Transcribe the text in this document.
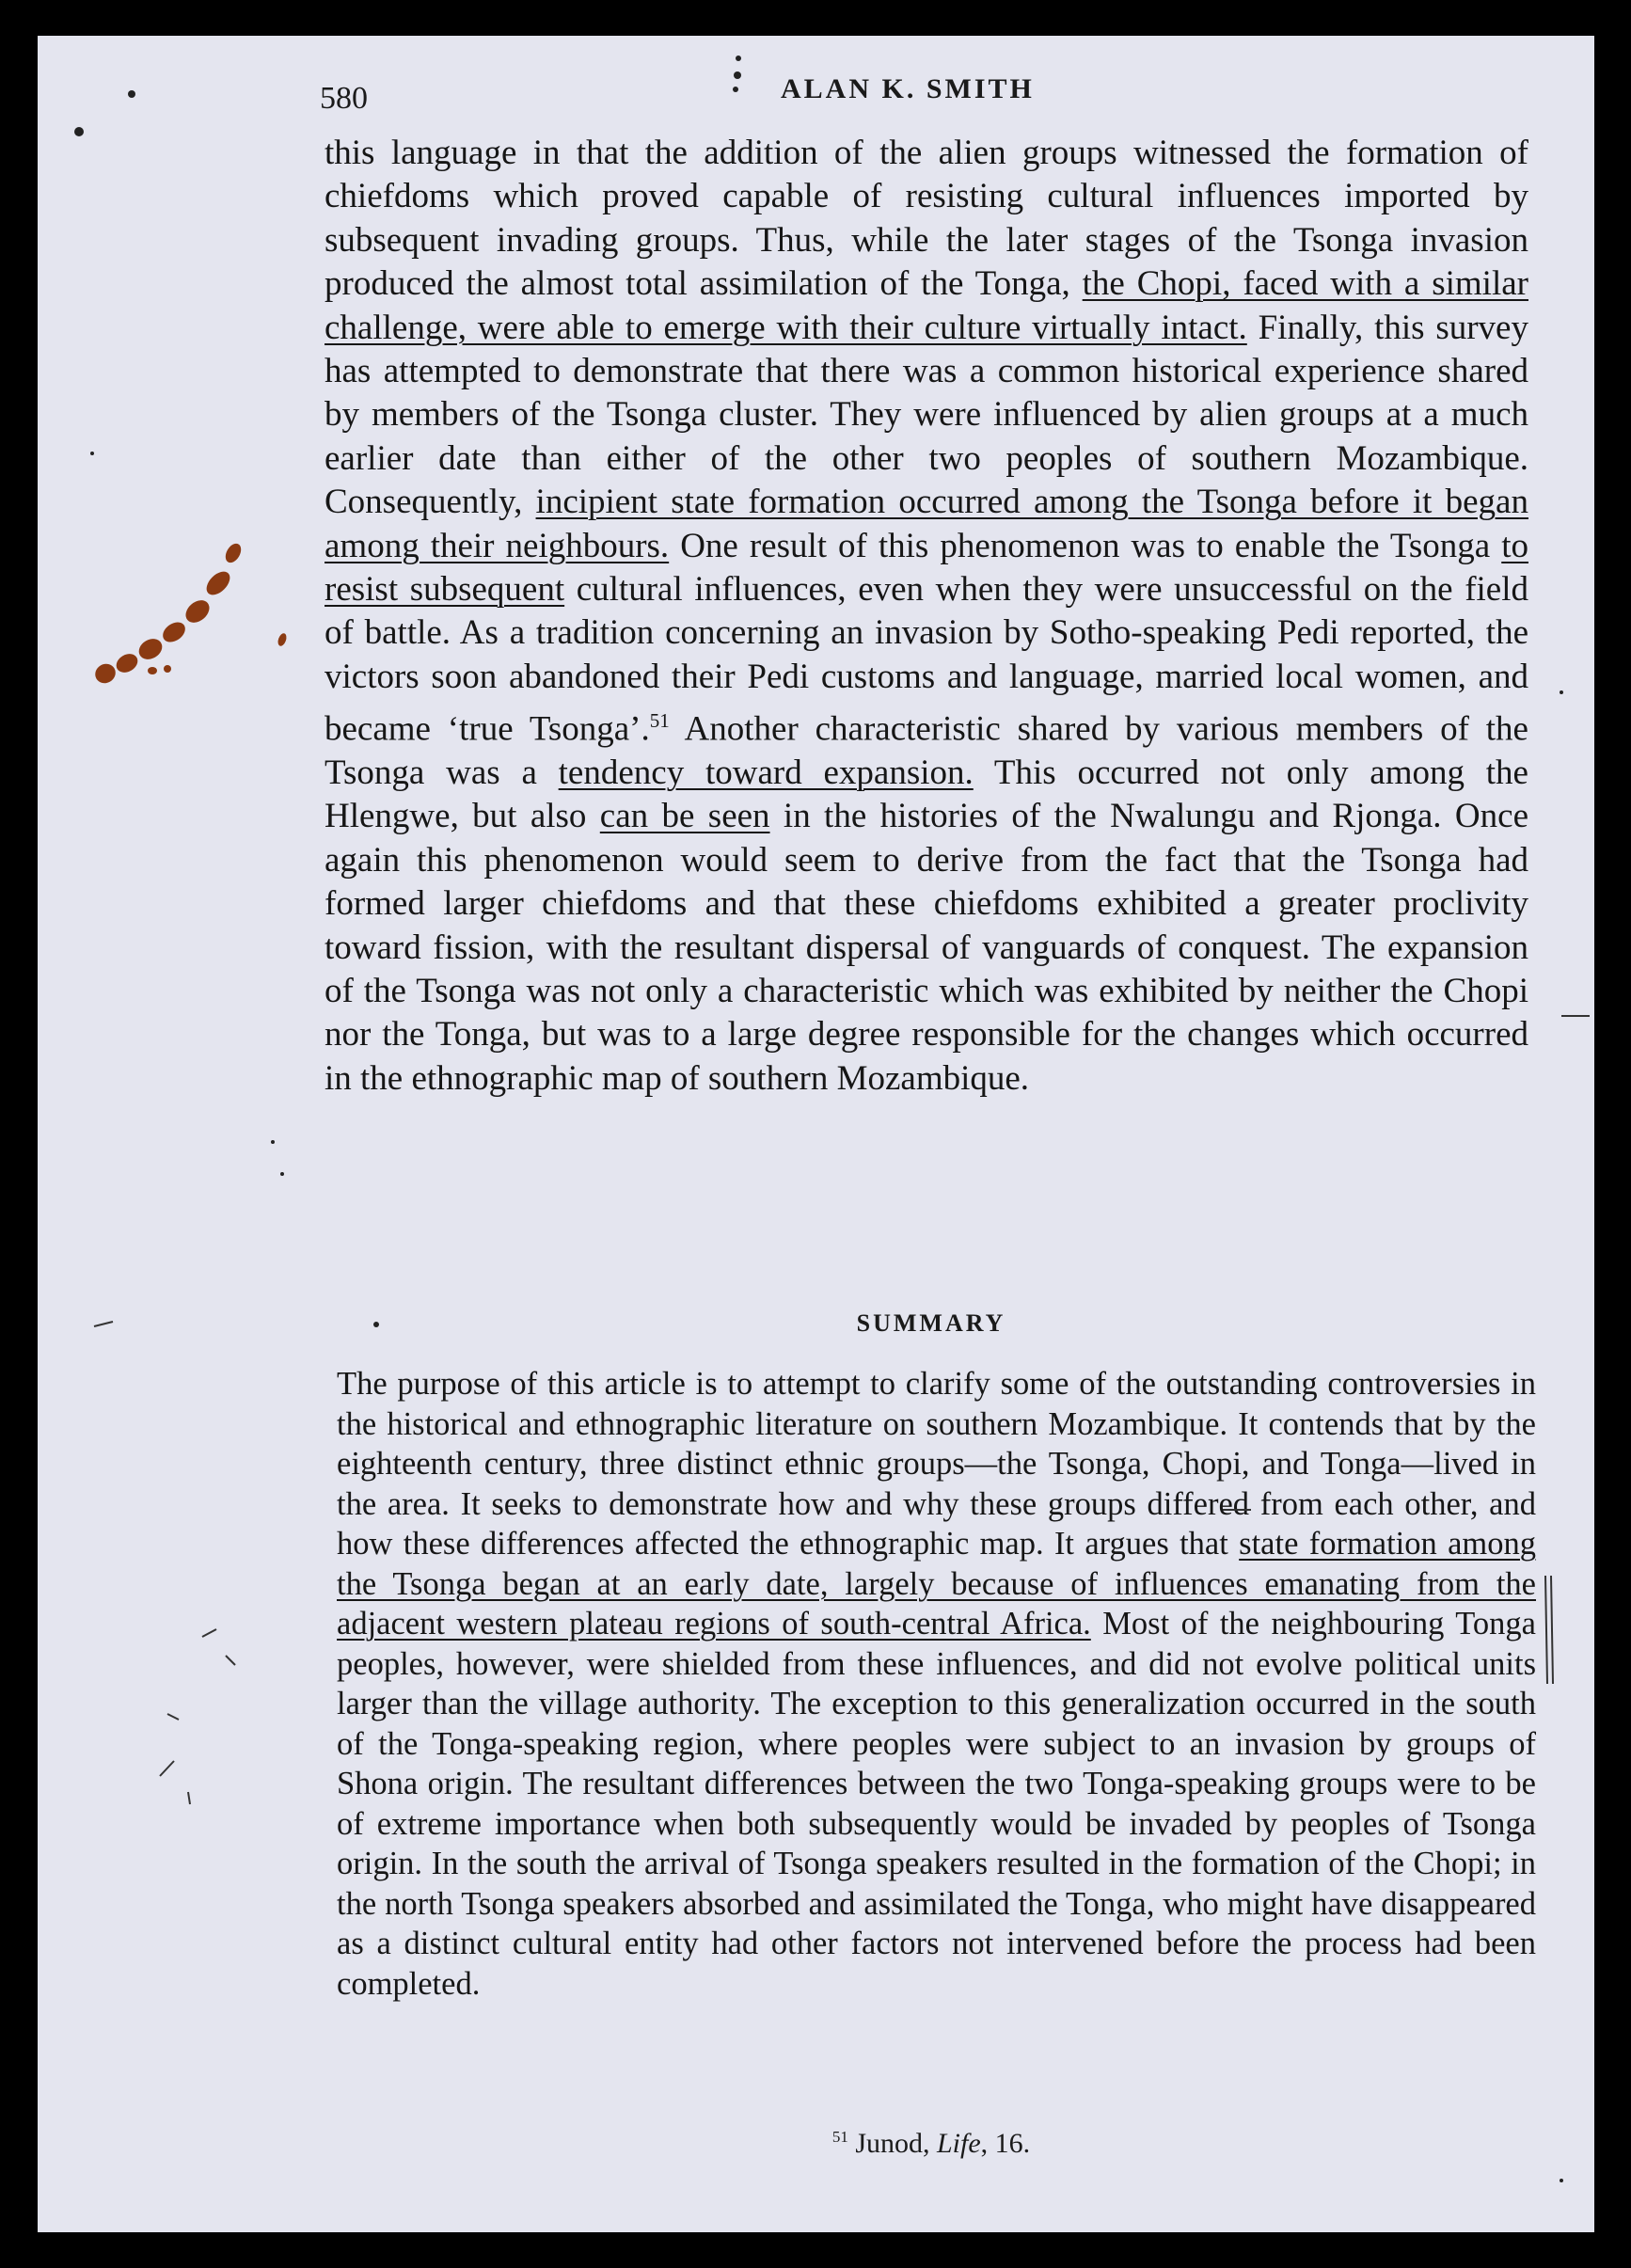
580	ALAN K. SMITH

this language in that the addition of the alien groups witnessed the formation of chiefdoms which proved capable of resisting cultural influences imported by subsequent invading groups. Thus, while the later stages of the Tsonga invasion produced the almost total assimilation of the Tonga, the Chopi, faced with a similar challenge, were able to emerge with their culture virtually intact. Finally, this survey has attempted to demonstrate that there was a common historical experience shared by members of the Tsonga cluster. They were influenced by alien groups at a much earlier date than either of the other two peoples of southern Mozambique. Consequently, incipient state formation occurred among the Tsonga before it began among their neighbours. One result of this phenomenon was to enable the Tsonga to resist subsequent cultural influences, even when they were unsuccessful on the field of battle. As a tradition concerning an invasion by Sotho-speaking Pedi reported, the victors soon abandoned their Pedi customs and language, married local women, and became ‘true Tsonga’.$^{51}$ Another characteristic shared by various members of the Tsonga was a tendency toward expansion. This occurred not only among the Hlengwe, but also can be seen in the histories of the Nwalungu and Rjonga. Once again this phenomenon would seem to derive from the fact that the Tsonga had formed larger chiefdoms and that these chiefdoms exhibited a greater proclivity toward fission, with the resultant dispersal of vanguards of conquest. The expansion of the Tsonga was not only a characteristic which was exhibited by neither the Chopi nor the Tonga, but was to a large degree responsible for the changes which occurred in the ethnographic map of southern Mozambique.

SUMMARY

The purpose of this article is to attempt to clarify some of the outstanding controversies in the historical and ethnographic literature on southern Mozambique. It contends that by the eighteenth century, three distinct ethnic groups—the Tsonga, Chopi, and Tonga—lived in the area. It seeks to demonstrate how and why these groups differed from each other, and how these differences affected the ethnographic map. It argues that state formation among the Tsonga began at an early date, largely because of influences emanating from the adjacent western plateau regions of south-central Africa. Most of the neighbouring Tonga peoples, however, were shielded from these influences, and did not evolve political units larger than the village authority. The exception to this generalization occurred in the south of the Tonga-speaking region, where peoples were subject to an invasion by groups of Shona origin. The resultant differences between the two Tonga-speaking groups were to be of extreme importance when both subsequently would be invaded by peoples of Tsonga origin. In the south the arrival of Tsonga speakers resulted in the formation of the Chopi; in the north Tsonga speakers absorbed and assimilated the Tonga, who might have disappeared as a distinct cultural entity had other factors not intervened before the process had been completed.

$^{51}$ Junod, Life, 16.
